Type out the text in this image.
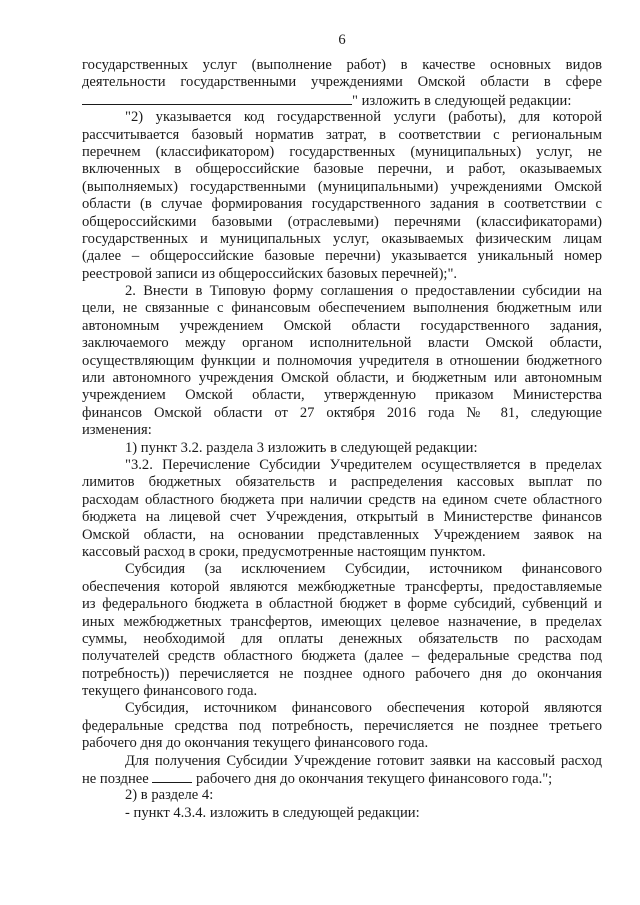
6
государственных услуг (выполнение работ) в качестве основных видов
деятельности государственными учреждениями Омской области в сфере
" изложить в следующей редакции:
"2) указывается код государственной услуги (работы), для которой
рассчитывается базовый норматив затрат, в соответствии с региональным
перечнем (классификатором) государственных (муниципальных) услуг, не
включенных в общероссийские базовые перечни, и работ, оказываемых
(выполняемых) государственными (муниципальными) учреждениями Омской
области (в случае формирования государственного задания в соответствии с
общероссийскими базовыми (отраслевыми) перечнями (классификаторами)
государственных и муниципальных услуг, оказываемых физическим лицам
(далее – общероссийские базовые перечни) указывается уникальный номер
реестровой записи из общероссийских базовых перечней);".
2. Внести в Типовую форму соглашения о предоставлении субсидии на
цели, не связанные с финансовым обеспечением выполнения бюджетным или
автономным учреждением Омской области государственного задания,
заключаемого между органом исполнительной власти Омской области,
осуществляющим функции и полномочия учредителя в отношении бюджетного
или автономного учреждения Омской области, и бюджетным или автономным
учреждением Омской области, утвержденную приказом Министерства
финансов Омской области от 27 октября 2016 года № 81, следующие
изменения:
1) пункт 3.2. раздела 3 изложить в следующей редакции:
"3.2. Перечисление Субсидии Учредителем осуществляется в пределах
лимитов бюджетных обязательств и распределения кассовых выплат по
расходам областного бюджета при наличии средств на едином счете областного
бюджета на лицевой счет Учреждения, открытый в Министерстве финансов
Омской области, на основании представленных Учреждением заявок на
кассовый расход в сроки, предусмотренные настоящим пунктом.
Субсидия (за исключением Субсидии, источником финансового
обеспечения которой являются межбюджетные трансферты, предоставляемые
из федерального бюджета в областной бюджет в форме субсидий, субвенций и
иных межбюджетных трансфертов, имеющих целевое назначение, в пределах
суммы, необходимой для оплаты денежных обязательств по расходам
получателей средств областного бюджета (далее – федеральные средства под
потребность)) перечисляется не позднее одного рабочего дня до окончания
текущего финансового года.
Субсидия, источником финансового обеспечения которой являются
федеральные средства под потребность, перечисляется не позднее третьего
рабочего дня до окончания текущего финансового года.
Для получения Субсидии Учреждение готовит заявки на кассовый расход
не позднее	рабочего дня до окончания текущего финансового года.";
2) в разделе 4:
- пункт 4.3.4. изложить в следующей редакции:
